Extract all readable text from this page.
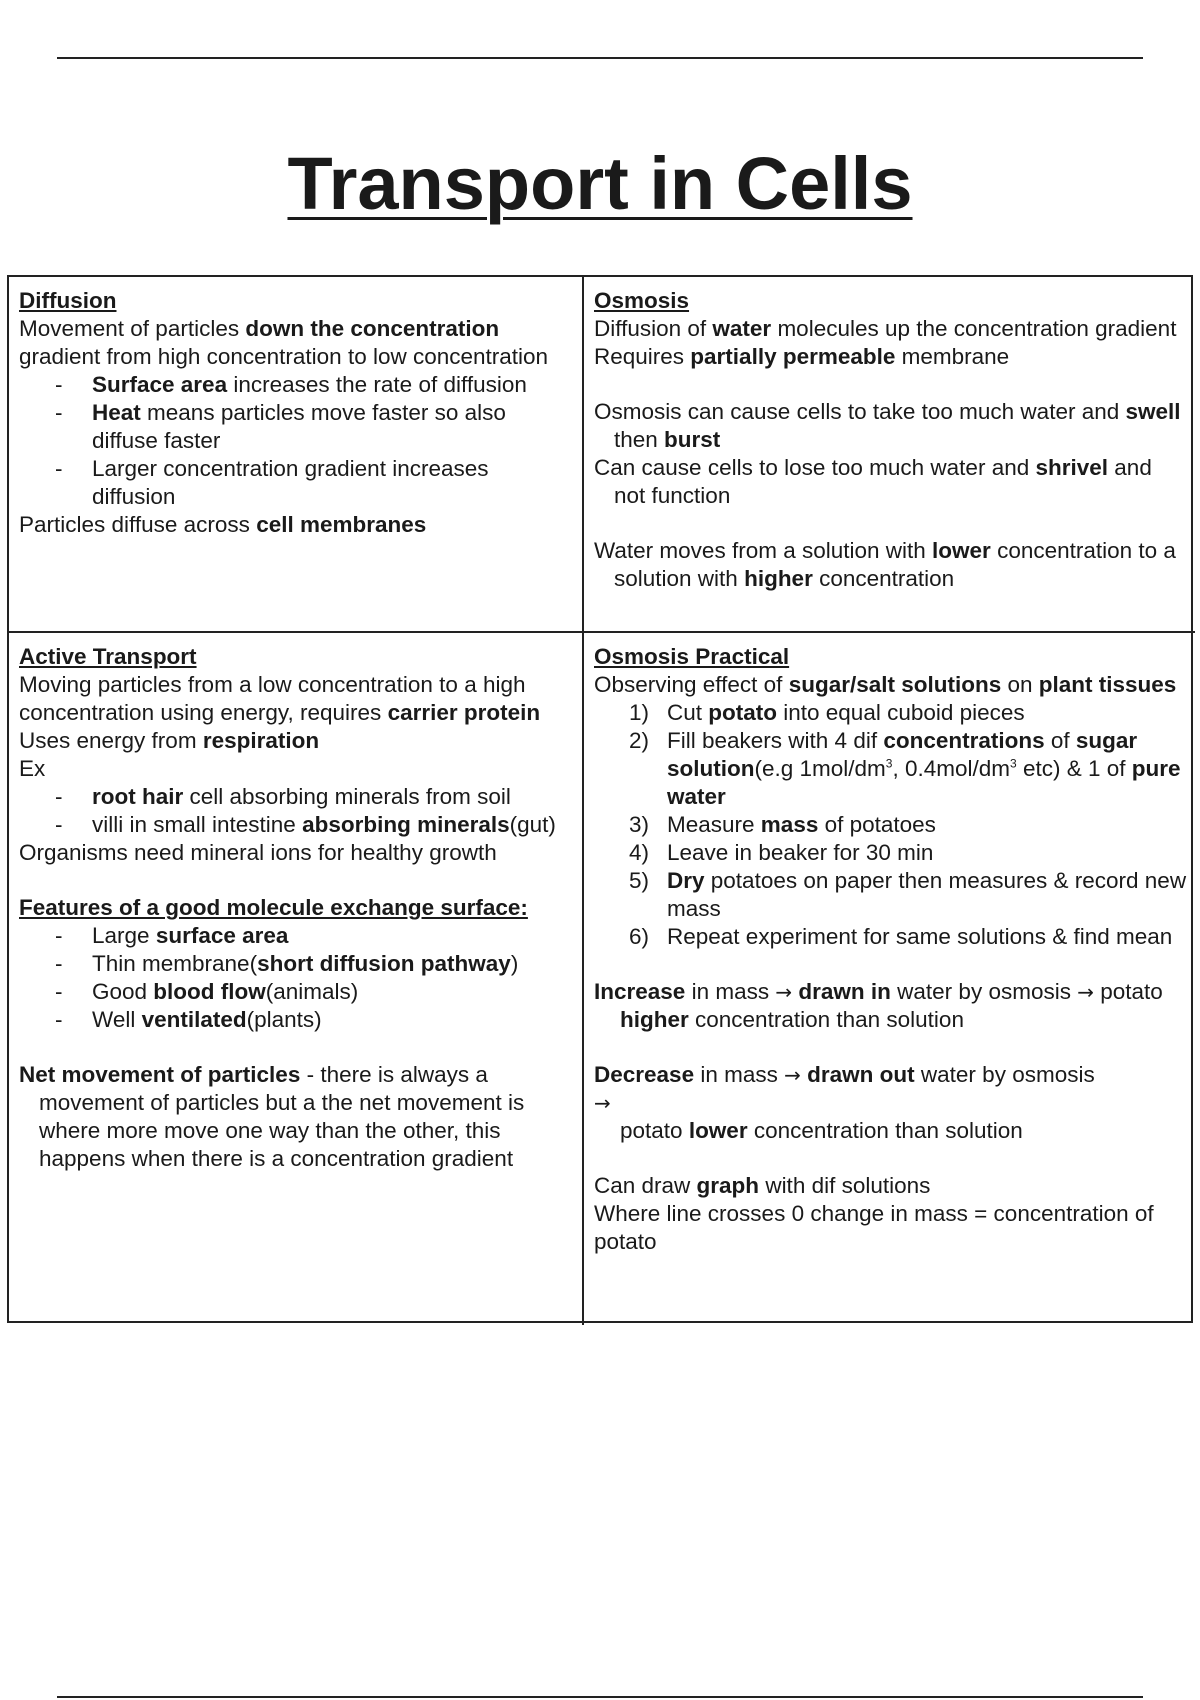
Transport in Cells
Diffusion
Movement of particles down the concentration gradient from high concentration to low concentration
- Surface area increases the rate of diffusion
- Heat means particles move faster so also diffuse faster
- Larger concentration gradient increases diffusion
Particles diffuse across cell membranes
Osmosis
Diffusion of water molecules up the concentration gradient
Requires partially permeable membrane
Osmosis can cause cells to take too much water and swell then burst
Can cause cells to lose too much water and shrivel and not function
Water moves from a solution with lower concentration to a solution with higher concentration
Active Transport
Moving particles from a low concentration to a high concentration using energy, requires carrier protein
Uses energy from respiration
Ex
- root hair cell absorbing minerals from soil
- villi in small intestine absorbing minerals(gut)
Organisms need mineral ions for healthy growth
Features of a good molecule exchange surface:
- Large surface area
- Thin membrane(short diffusion pathway)
- Good blood flow(animals)
- Well ventilated(plants)
Net movement of particles - there is always a movement of particles but a the net movement is where more move one way than the other, this happens when there is a concentration gradient
Osmosis Practical
Observing effect of sugar/salt solutions on plant tissues
1) Cut potato into equal cuboid pieces
2) Fill beakers with 4 dif concentrations of sugar solution(e.g $1mol/dm^3$, $0.4mol/dm^3$ etc) & 1 of pure water
3) Measure mass of potatoes
4) Leave in beaker for 30 min
5) Dry potatoes on paper then measures & record new mass
6) Repeat experiment for same solutions & find mean
Increase in mass → drawn in water by osmosis → potato higher concentration than solution
Decrease in mass → drawn out water by osmosis
→
potato lower concentration than solution
Can draw graph with dif solutions
Where line crosses 0 change in mass = concentration of potato
